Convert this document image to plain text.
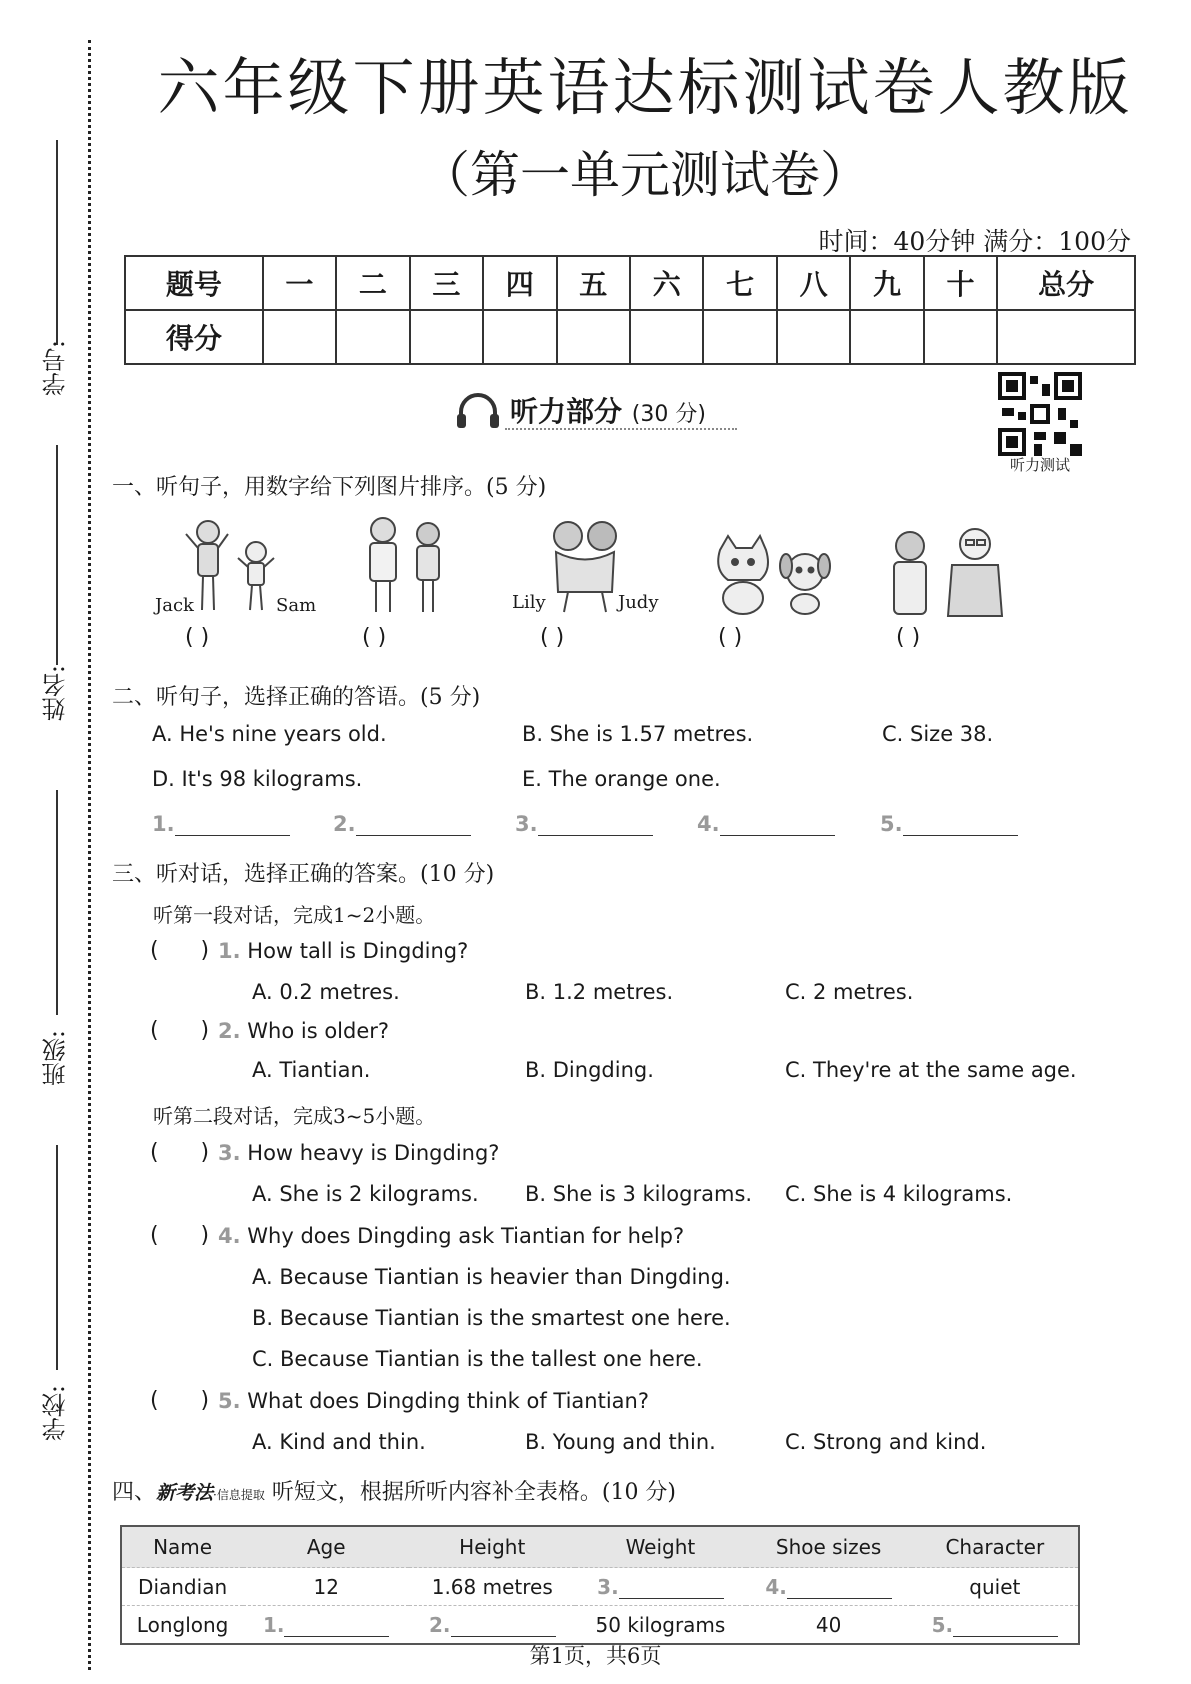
学号:
姓名:
班级:
学校:
六年级下册英语达标测试卷人教版
（第一单元测试卷）
时间：40分钟 满分：100分
题号	一	二	三	四	五	六	七	八	九	十	总分
得分											
听力部分 (30 分)
听力测试
一、听句子，用数字给下列图片排序。(5 分)
Jack	Sam	Lily	Judy
( )	( )	( )	( )	( )
二、听句子，选择正确的答语。(5 分)
A. He's nine years old.	B. She is 1.57 metres.	C. Size 38.
D. It's 98 kilograms.	E. The orange one.
1.	2.	3.	4.	5.
三、听对话，选择正确的答案。(10 分)
听第一段对话，完成1~2小题。
(      ) 1. How tall is Dingding?
A. 0.2 metres.	B. 1.2 metres.	C. 2 metres.
(      ) 2. Who is older?
A. Tiantian.	B. Dingding.	C. They're at the same age.
听第二段对话，完成3~5小题。
(      ) 3. How heavy is Dingding?
A. She is 2 kilograms. B. She is 3 kilograms. C. She is 4 kilograms.
(      ) 4. Why does Dingding ask Tiantian for help?
A. Because Tiantian is heavier than Dingding.
B. Because Tiantian is the smartest one here.
C. Because Tiantian is the tallest one here.
(      ) 5. What does Dingding think of Tiantian?
A. Kind and thin.	B. Young and thin.	C. Strong and kind.
四、新考法·信息提取 听短文，根据所听内容补全表格。(10 分)
Name	Age	Height	Weight	Shoe sizes	Character
Diandian	12	1.68 metres	3.	4.	quiet
Longlong	1.	2.	50 kilograms	40	5.
第1页，共6页
